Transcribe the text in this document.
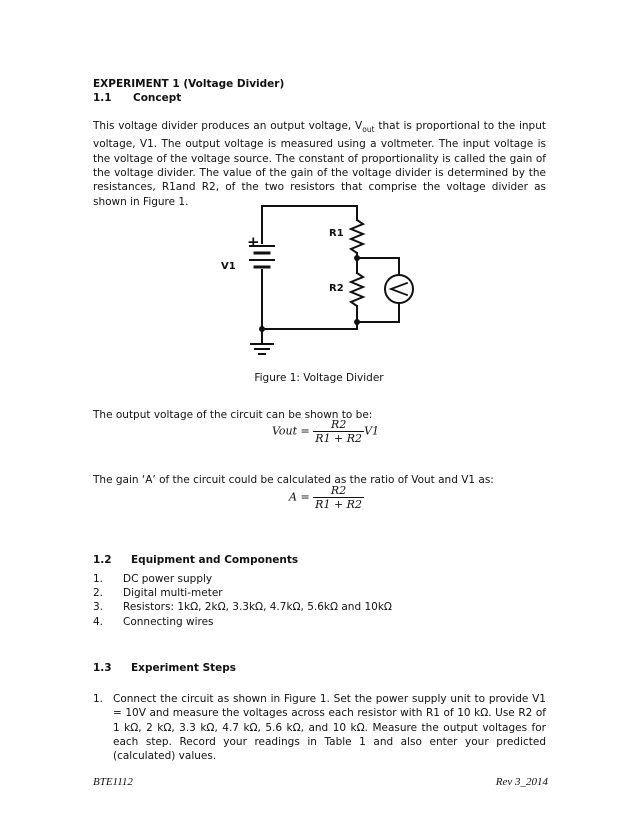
EXPERIMENT 1 (Voltage Divider)
1.1 Concept
This voltage divider produces an output voltage, $V_{out}$ that is proportional to the input voltage, V1. The output voltage is measured using a voltmeter. The input voltage is the voltage of the voltage source. The constant of proportionality is called the gain of the voltage divider. The value of the gain of the voltage divider is determined by the resistances, R1and R2, of the two resistors that comprise the voltage divider as shown in Figure 1.
+
V1
R1
R2
Figure 1: Voltage Divider
The output voltage of the circuit can be shown to be:
Vout = $\frac{R2}{R1 + R2} V1$
The gain ‘A’ of the circuit could be calculated as the ratio of Vout and V1 as:
$A = \frac{R2}{R1 + R2}$
1.2 Equipment and Components
1. DC power supply
2. Digital multi-meter
3. Resistors: 1kΩ, 2kΩ, 3.3kΩ, 4.7kΩ, 5.6kΩ and 10kΩ
4. Connecting wires
1.3 Experiment Steps
1. Connect the circuit as shown in Figure 1. Set the power supply unit to provide V1 = 10V and measure the voltages across each resistor with R1 of 10 kΩ. Use R2 of 1 kΩ, 2 kΩ, 3.3 kΩ, 4.7 kΩ, 5.6 kΩ, and 10 kΩ. Measure the output voltages for each step. Record your readings in Table 1 and also enter your predicted (calculated) values.
BTE1112	Rev 3_2014
